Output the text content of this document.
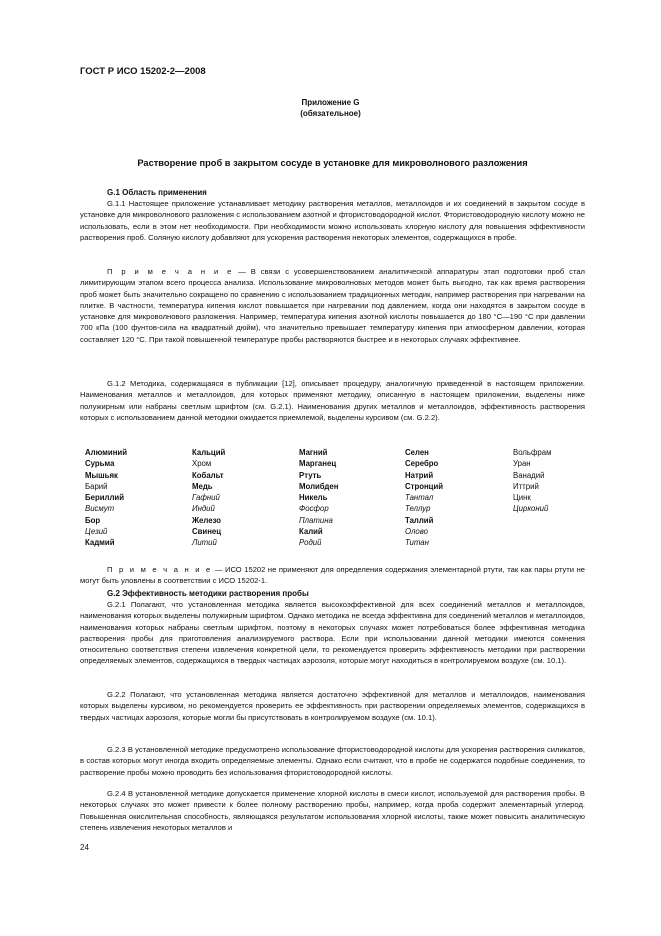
ГОСТ Р ИСО 15202-2—2008
Приложение G
(обязательное)
Растворение проб в закрытом сосуде в установке для микроволнового разложения

G.1 Область применения

G.1.1 Настоящее приложение устанавливает методику растворения металлов, металлоидов и их соединений в закрытом сосуде в установке для микроволнового разложения с использованием азотной и фтористоводородной кислот. Фтористоводородную кислоту можно не использовать, если в этом нет необходимости. При необходимости можно использовать хлорную кислоту для повышения эффективности растворения проб. Соляную кислоту добавляют для ускорения растворения некоторых элементов, содержащихся в пробе.

П р и м е ч а н и е — В связи с усовершенствованием аналитической аппаратуры этап подготовки проб стал лимитирующим этапом всего процесса анализа. Использование микроволновых методов может быть выгодно, так как время растворения проб может быть значительно сокращено по сравнению с использованием традиционных методик, например растворения при нагревании на плитке. В частности, температура кипения кислот повышается при нагревании под давлением, когда они находятся в закрытом сосуде в установке для микроволнового разложения. Например, температура кипения азотной кислоты повышается до 180 °С—190 °С при давлении 700 кПа (100 фунтов-сила на квадратный дюйм), что значительно превышает температуру кипения при атмосферном давлении, которая составляет 120 °С. При такой повышенной температуре пробы растворяются быстрее и в некоторых случаях эффективнее.

G.1.2 Методика, содержащаяся в публикации [12], описывает процедуру, аналогичную приведенной в настоящем приложении. Наименования металлов и металлоидов, для которых применяют методику, описанную в настоящем приложении, выделены ниже полужирным или набраны светлым шрифтом (см. G.2.1). Наименования других металлов и металлоидов, эффективность растворения которых с использованием данной методики ожидается приемлемой, выделены курсивом (см. G.2.2).

Алюминий
Сурьма
Мышьяк
Барий
Бериллий
Висмут
Бор
Цезий
Кадмий
Кальций
Хром
Кобальт
Медь
Гафний
Индий
Железо
Свинец
Литий
Магний
Марганец
Ртуть
Молибден
Никель
Фосфор
Платина
Калий
Родий
Селен
Серебро
Натрий
Стронций
Тантал
Теллур
Таллий
Олово
Титан
Вольфрам
Уран
Ванадий
Иттрий
Цинк
Цирконий

П р и м е ч а н и е — ИСО 15202 не применяют для определения содержания элементарной ртути, так как пары ртути не могут быть уловлены в соответствии с ИСО 15202-1.

G.2 Эффективность методики растворения пробы

G.2.1 Полагают, что установленная методика является высокоэффективной для всех соединений металлов и металлоидов, наименования которых выделены полужирным шрифтом. Однако методика не всегда эффективна для соединений металлов и металлоидов, наименования которых набраны светлым шрифтом, поэтому в некоторых случаях может потребоваться более эффективная методика растворения пробы для приготовления анализируемого раствора. Если при использовании данной методики имеются сомнения относительно соответствия степени извлечения конкретной цели, то рекомендуется проверить эффективность методики при растворении определяемых элементов, содержащихся в твердых частицах аэрозоля, которые могут находиться в контролируемом воздухе (см. 10.1).

G.2.2 Полагают, что установленная методика является достаточно эффективной для металлов и металлоидов, наименования которых выделены курсивом, но рекомендуется проверить ее эффективность при растворении определяемых элементов, содержащихся в твердых частицах аэрозоля, которые могли бы присутствовать в контролируемом воздухе (см. 10.1).

G.2.3 В установленной методике предусмотрено использование фтористоводородной кислоты для ускорения растворения силикатов, в состав которых могут иногда входить определяемые элементы. Однако если считают, что в пробе не содержатся подобные соединения, то растворение пробы можно проводить без использования фтористоводородной кислоты.

G.2.4 В установленной методике допускается применение хлорной кислоты в смеси кислот, используемой для растворения пробы. В некоторых случаях это может привести к более полному растворению пробы, например, когда проба содержит элементарный углерод. Повышенная окислительная способность, являющаяся результатом использования хлорной кислоты, также может повысить аналитическую степень извлечения некоторых металлов и

24
